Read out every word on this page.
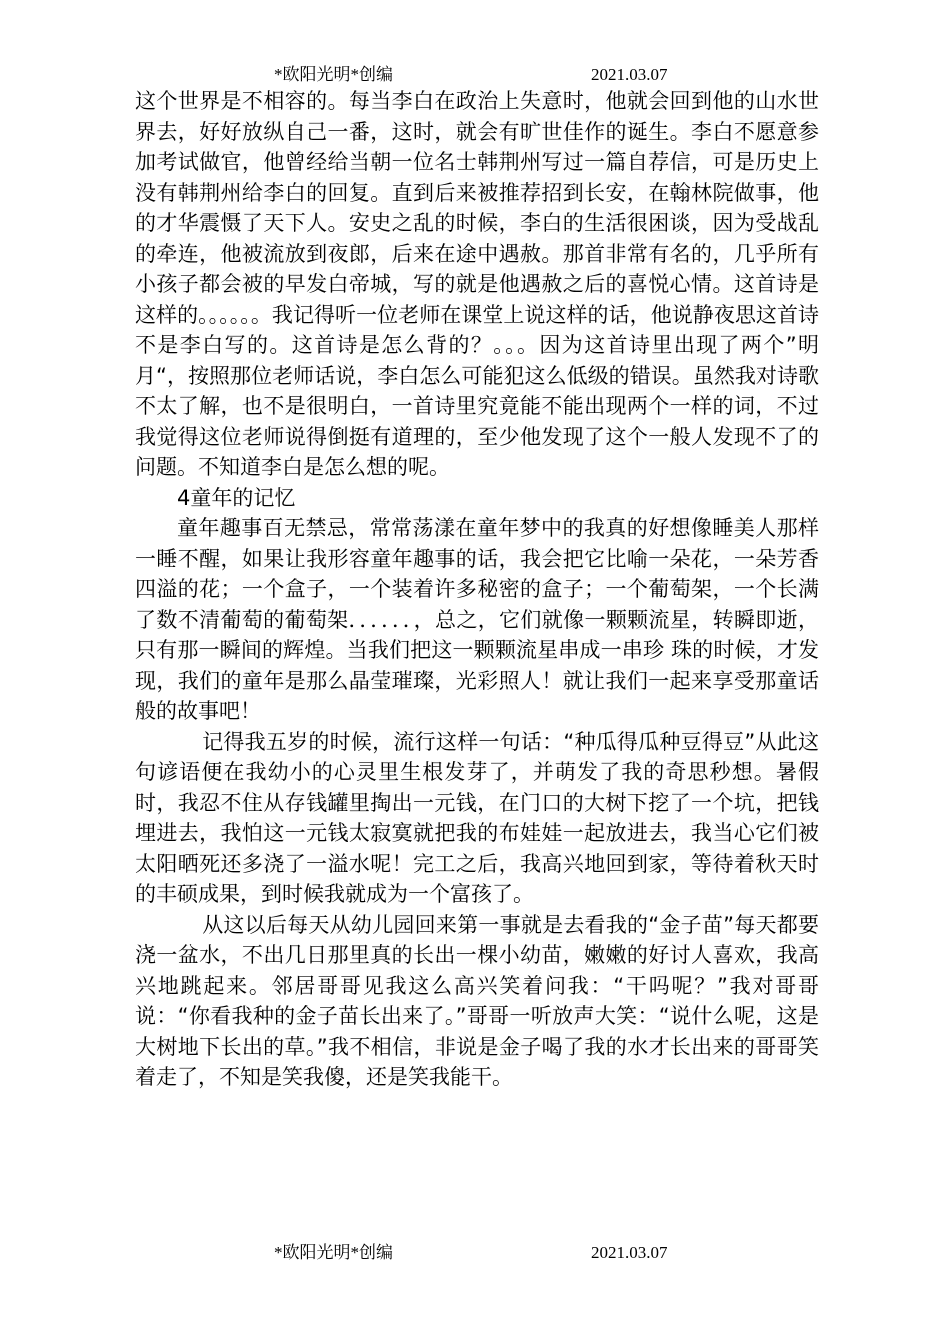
*欧阳光明*创编	2021.03.07

这个世界是不相容的。每当李白在政治上失意时，他就会回到他的山水世界去，好好放纵自己一番，这时，就会有旷世佳作的诞生。李白不愿意参加考试做官，他曾经给当朝一位名士韩荆州写过一篇自荐信，可是历史上没有韩荆州给李白的回复。直到后来被推荐招到长安，在翰林院做事，他的才华震慑了天下人。安史之乱的时候，李白的生活很困谈，因为受战乱的牵连，他被流放到夜郎，后来在途中遇赦。那首非常有名的，几乎所有小孩子都会被的早发白帝城，写的就是他遇赦之后的喜悦心情。这首诗是这样的。。。。。。我记得听一位老师在课堂上说这样的话，他说静夜思这首诗不是李白写的。这首诗是怎么背的？。。。因为这首诗里出现了两个”明月“，按照那位老师话说，李白怎么可能犯这么低级的错误。虽然我对诗歌不太了解，也不是很明白，一首诗里究竟能不能出现两个一样的词，不过我觉得这位老师说得倒挺有道理的，至少他发现了这个一般人发现不了的问题。不知道李白是怎么想的呢。

4童年的记忆

童年趣事百无禁忌，常常荡漾在童年梦中的我真的好想像睡美人那样一睡不醒，如果让我形容童年趣事的话，我会把它比喻一朵花，一朵芳香四溢的花；一个盒子，一个装着许多秘密的盒子；一个葡萄架，一个长满了数不清葡萄的葡萄架．．．．．．，总之，它们就像一颗颗流星，转瞬即逝，只有那一瞬间的辉煌。当我们把这一颗颗流星串成一串珍 珠的时候，才发现，我们的童年是那么晶莹璀璨，光彩照人！就让我们一起来享受那童话般的故事吧！

记得我五岁的时候，流行这样一句话：“种瓜得瓜种豆得豆”从此这句谚语便在我幼小的心灵里生根发芽了，并萌发了我的奇思秒想。暑假时，我忍不住从存钱罐里掏出一元钱，在门口的大树下挖了一个坑，把钱埋进去，我怕这一元钱太寂寞就把我的布娃娃一起放进去，我当心它们被太阳晒死还多浇了一溢水呢！完工之后，我高兴地回到家，等待着秋天时的丰硕成果，到时候我就成为一个富孩了。

从这以后每天从幼儿园回来第一事就是去看我的“金子苗”每天都要浇一盆水，不出几日那里真的长出一棵小幼苗，嫩嫩的好讨人喜欢，我高兴地跳起来。邻居哥哥见我这么高兴笑着问我：“干吗呢？”我对哥哥说：“你看我种的金子苗长出来了。”哥哥一听放声大笑：“说什么呢，这是大树地下长出的草。”我不相信，非说是金子喝了我的水才长出来的哥哥笑着走了，不知是笑我傻，还是笑我能干。

*欧阳光明*创编	2021.03.07
